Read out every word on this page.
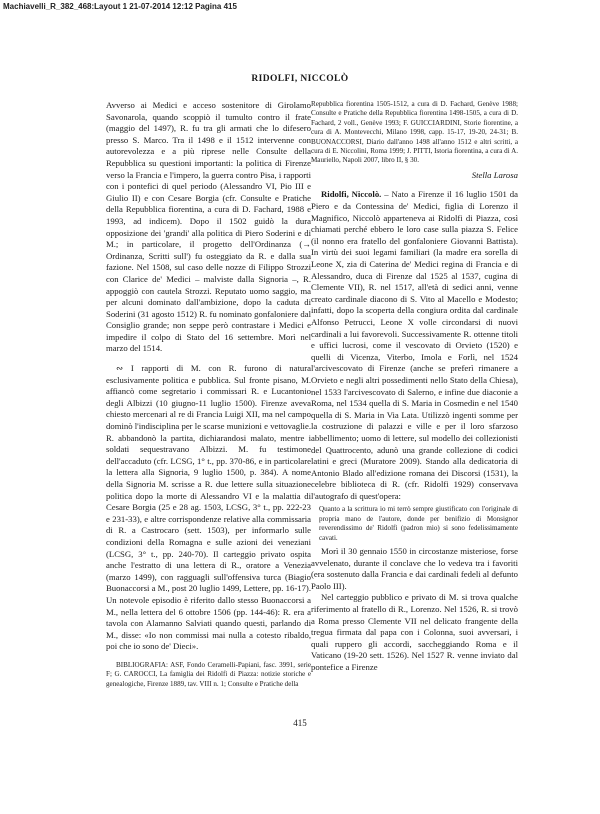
Machiavelli_R_382_468:Layout 1 21-07-2014 12:12 Pagina 415
RIDOLFI, NICCOLÒ

Avverso ai Medici e acceso sostenitore di Girolamo Savonarola, quando scoppiò il tumulto contro il frate (maggio del 1497), R. fu tra gli armati che lo difesero presso S. Marco. Tra il 1498 e il 1512 intervenne con autorevolezza e a più riprese nelle Consulte della Repubblica su questioni importanti: la politica di Firenze verso la Francia e l'impero, la guerra contro Pisa, i rapporti con i pontefici di quel periodo (Alessandro VI, Pio III e Giulio II) e con Cesare Borgia (cfr. Consulte e Pratiche della Repubblica fiorentina, a cura di D. Fachard, 1988 e 1993, ad indicem). Dopo il 1502 guidò la dura opposizione dei 'grandi' alla politica di Piero Soderini e di M.; in particolare, il progetto dell'Ordinanza (→ Ordinanza, Scritti sull') fu osteggiato da R. e dalla sua fazione. Nel 1508, sul caso delle nozze di Filippo Strozzi con Clarice de' Medici – malviste dalla Signoria –, R. appoggiò con cautela Strozzi. Reputato uomo saggio, ma per alcuni dominato dall'ambizione, dopo la caduta di Soderini (31 agosto 1512) R. fu nominato gonfaloniere dal Consiglio grande; non seppe però contrastare i Medici e impedire il colpo di Stato del 16 settembre. Morì nel marzo del 1514.

∾ I rapporti di M. con R. furono di natura esclusivamente politica e pubblica. Sul fronte pisano, M. affiancò come segretario i commissari R. e Lucantonio degli Albizzi (10 giugno-11 luglio 1500). Firenze aveva chiesto mercenari al re di Francia Luigi XII, ma nel campo dominò l'indisciplina per le scarse munizioni e vettovaglie. R. abbandonò la partita, dichiarandosi malato, mentre i soldati sequestravano Albizzi. M. fu testimone dell'accaduto (cfr. LCSG, 1° t., pp. 370-86, e in particolare la lettera alla Signoria, 9 luglio 1500, p. 384). A nome della Signoria M. scrisse a R. due lettere sulla situazione politica dopo la morte di Alessandro VI e la malattia di Cesare Borgia (25 e 28 ag. 1503, LCSG, 3° t., pp. 222-23 e 231-33), e altre corrispondenze relative alla commissaria di R. a Castrocaro (sett. 1503), per informarlo sulle condizioni della Romagna e sulle azioni dei veneziani (LCSG, 3° t., pp. 240-70). Il carteggio privato ospita anche l'estratto di una lettera di R., oratore a Venezia (marzo 1499), con ragguagli sull'offensiva turca (Biagio Buonaccorsi a M., post 20 luglio 1499, Lettere, pp. 16-17). Un notevole episodio è riferito dallo stesso Buonaccorsi a M., nella lettera del 6 ottobre 1506 (pp. 144-46): R. era a tavola con Alamanno Salviati quando questi, parlando di M., disse: «Io non commissi mai nulla a cotesto ribaldo, poi che io sono de' Dieci».

BIBLIOGRAFIA: ASF, Fondo Ceramelli-Papiani, fasc. 3991, serie F; G. CAROCCI, La famiglia dei Ridolfi di Piazza: notizie storiche e genealogiche, Firenze 1889, tav. VIII n. 1; Consulte e Pratiche della

Repubblica fiorentina 1505-1512, a cura di D. Fachard, Genève 1988; Consulte e Pratiche della Repubblica fiorentina 1498-1505, a cura di D. Fachard, 2 voll., Genève 1993; F. GUICCIARDINI, Storie fiorentine, a cura di A. Montevecchi, Milano 1998, capp. 15-17, 19-20, 24-31; B. BUONACCORSI, Diario dall'anno 1498 all'anno 1512 e altri scritti, a cura di E. Niccolini, Roma 1999; J. PITTI, Istoria fiorentina, a cura di A. Mauriello, Napoli 2007, libro II, § 30.

Stella Larosa

Ridolfi, Niccolò. – Nato a Firenze il 16 luglio 1501 da Piero e da Contessina de' Medici, figlia di Lorenzo il Magnifico, Niccolò apparteneva ai Ridolfi di Piazza, così chiamati perché ebbero le loro case sulla piazza S. Felice (il nonno era fratello del gonfaloniere Giovanni Battista). In virtù dei suoi legami familiari (la madre era sorella di Leone X, zia di Caterina de' Medici regina di Francia e di Alessandro, duca di Firenze dal 1525 al 1537, cugina di Clemente VII), R. nel 1517, all'età di sedici anni, venne creato cardinale diacono di S. Vito al Macello e Modesto; infatti, dopo la scoperta della congiura ordita dal cardinale Alfonso Petrucci, Leone X volle circondarsi di nuovi cardinali a lui favorevoli. Successivamente R. ottenne titoli e uffici lucrosi, come il vescovato di Orvieto (1520) e quelli di Vicenza, Viterbo, Imola e Forlì, nel 1524 l'arcivescovato di Firenze (anche se preferì rimanere a Orvieto e negli altri possedimenti nello Stato della Chiesa), nel 1533 l'arcivescovato di Salerno, e infine due diaconie a Roma, nel 1534 quella di S. Maria in Cosmedin e nel 1540 quella di S. Maria in Via Lata. Utilizzò ingenti somme per la costruzione di palazzi e ville e per il loro sfarzoso abbellimento; uomo di lettere, sul modello dei collezionisti del Quattrocento, adunò una grande collezione di codici latini e greci (Muratore 2009). Stando alla dedicatoria di Antonio Blado all'edizione romana dei Discorsi (1531), la celebre biblioteca di R. (cfr. Ridolfi 1929) conservava l'autografo di quest'opera:

Quanto a la scrittura io mi terrò sempre giustificato con l'originale di propria mano de l'autore, donde per benifizio di Monsignor reverendissimo de' Ridolfi (padron mio) si sono fedelissimamente cavati.

Morì il 30 gennaio 1550 in circostanze misteriose, forse avvelenato, durante il conclave che lo vedeva tra i favoriti (era sostenuto dalla Francia e dai cardinali fedeli al defunto Paolo III).

Nel carteggio pubblico e privato di M. si trova qualche riferimento al fratello di R., Lorenzo. Nel 1526, R. si trovò a Roma presso Clemente VII nel delicato frangente della tregua firmata dal papa con i Colonna, suoi avversari, i quali ruppero gli accordi, saccheggiando Roma e il Vaticano (19-20 sett. 1526). Nel 1527 R. venne inviato dal pontefice a Firenze

415
